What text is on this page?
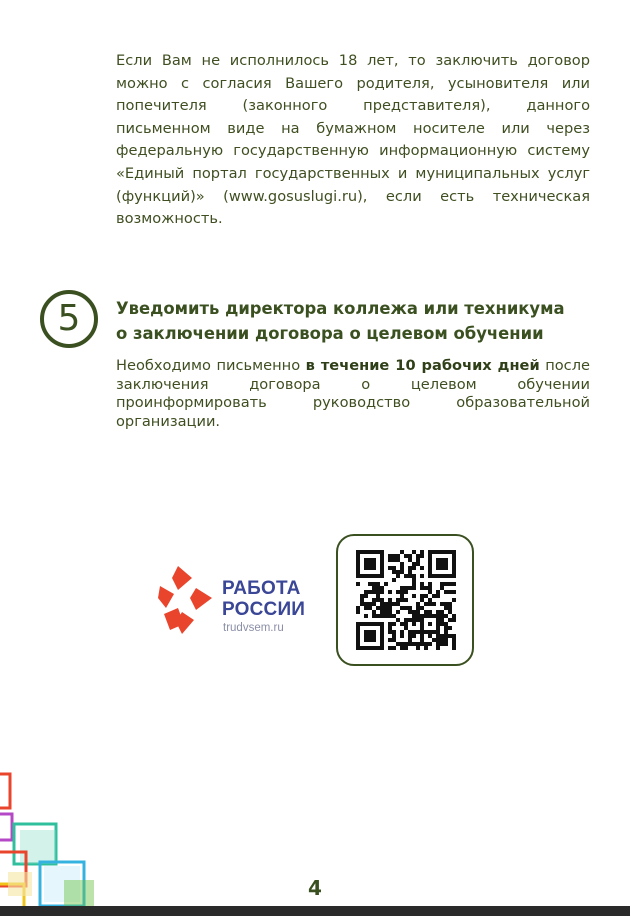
Если Вам не исполнилось 18 лет, то заключить договор можно с согласия Вашего родителя, усыновителя или попечителя (законного представителя), данного письменном виде на бумажном носителе или через федеральную государственную информационную систему «Единый портал государственных и муниципальных услуг (функций)» (www.gosuslugi.ru), если есть техническая возможность.
5 Уведомить директора коллежа или техникума
о заключении договора о целевом обучении
Необходимо письменно в течение 10 рабочих дней после заключения договора о целевом обучении проинформировать руководство образовательной организации.
РАБОТА
РОССИИ
trudvsem.ru
4
